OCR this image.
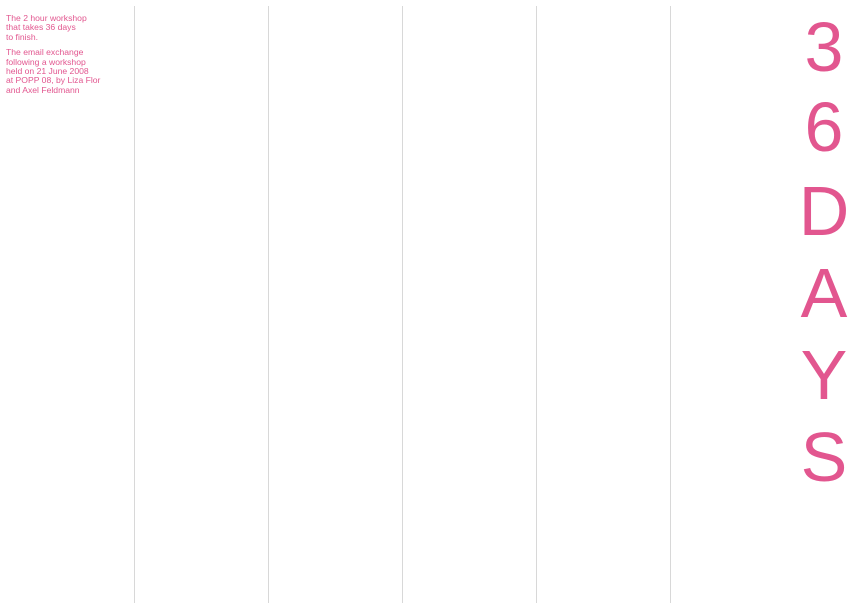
The 2 hour workshop
that takes 36 days
to finish.
The email exchange
following a workshop
held on 21 June 2008
at POPP 08, by Liza Flor
and Axel Feldmann
3
6
D
A
Y
S
